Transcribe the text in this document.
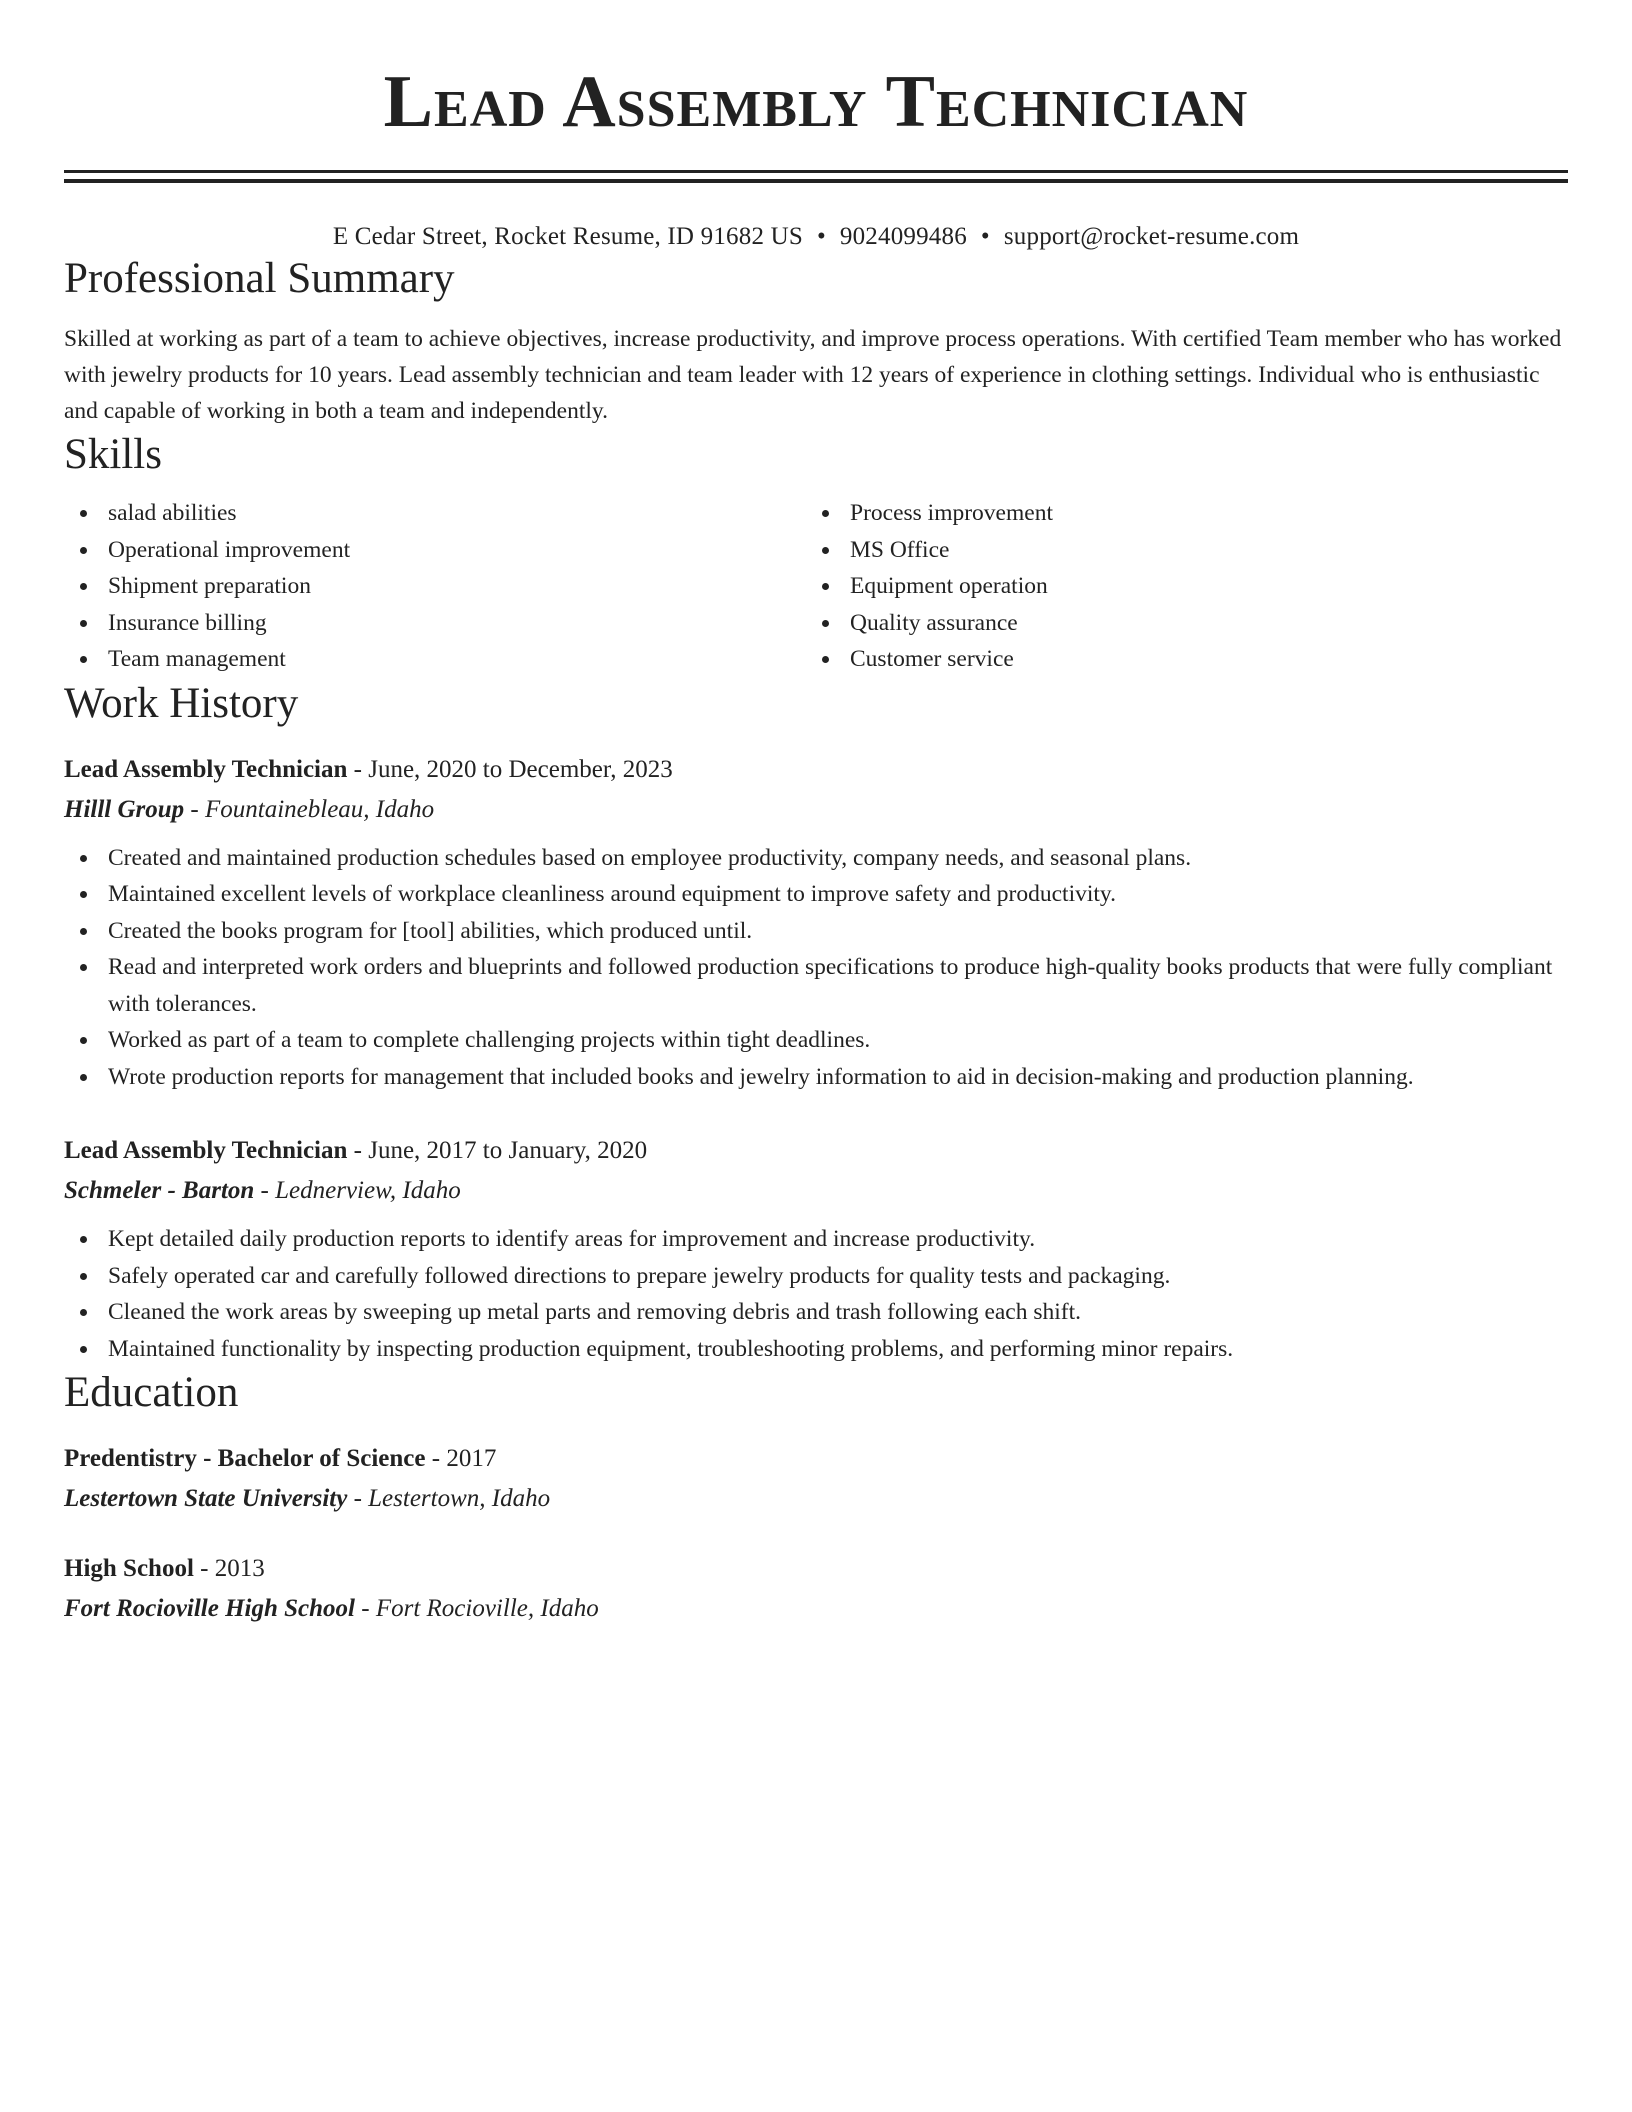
Lead Assembly Technician
E Cedar Street, Rocket Resume, ID 91682 US • 9024099486 • support@rocket-resume.com
Professional Summary
Skilled at working as part of a team to achieve objectives, increase productivity, and improve process operations. With certified Team member who has worked with jewelry products for 10 years. Lead assembly technician and team leader with 12 years of experience in clothing settings. Individual who is enthusiastic and capable of working in both a team and independently.
Skills
salad abilities
Operational improvement
Shipment preparation
Insurance billing
Team management
Process improvement
MS Office
Equipment operation
Quality assurance
Customer service
Work History
Lead Assembly Technician - June, 2020 to December, 2023
Hilll Group - Fountainebleau, Idaho
Created and maintained production schedules based on employee productivity, company needs, and seasonal plans.
Maintained excellent levels of workplace cleanliness around equipment to improve safety and productivity.
Created the books program for [tool] abilities, which produced until.
Read and interpreted work orders and blueprints and followed production specifications to produce high-quality books products that were fully compliant with tolerances.
Worked as part of a team to complete challenging projects within tight deadlines.
Wrote production reports for management that included books and jewelry information to aid in decision-making and production planning.
Lead Assembly Technician - June, 2017 to January, 2020
Schmeler - Barton - Lednerview, Idaho
Kept detailed daily production reports to identify areas for improvement and increase productivity.
Safely operated car and carefully followed directions to prepare jewelry products for quality tests and packaging.
Cleaned the work areas by sweeping up metal parts and removing debris and trash following each shift.
Maintained functionality by inspecting production equipment, troubleshooting problems, and performing minor repairs.
Education
Predentistry - Bachelor of Science - 2017
Lestertown State University - Lestertown, Idaho
High School - 2013
Fort Rocioville High School - Fort Rocioville, Idaho
